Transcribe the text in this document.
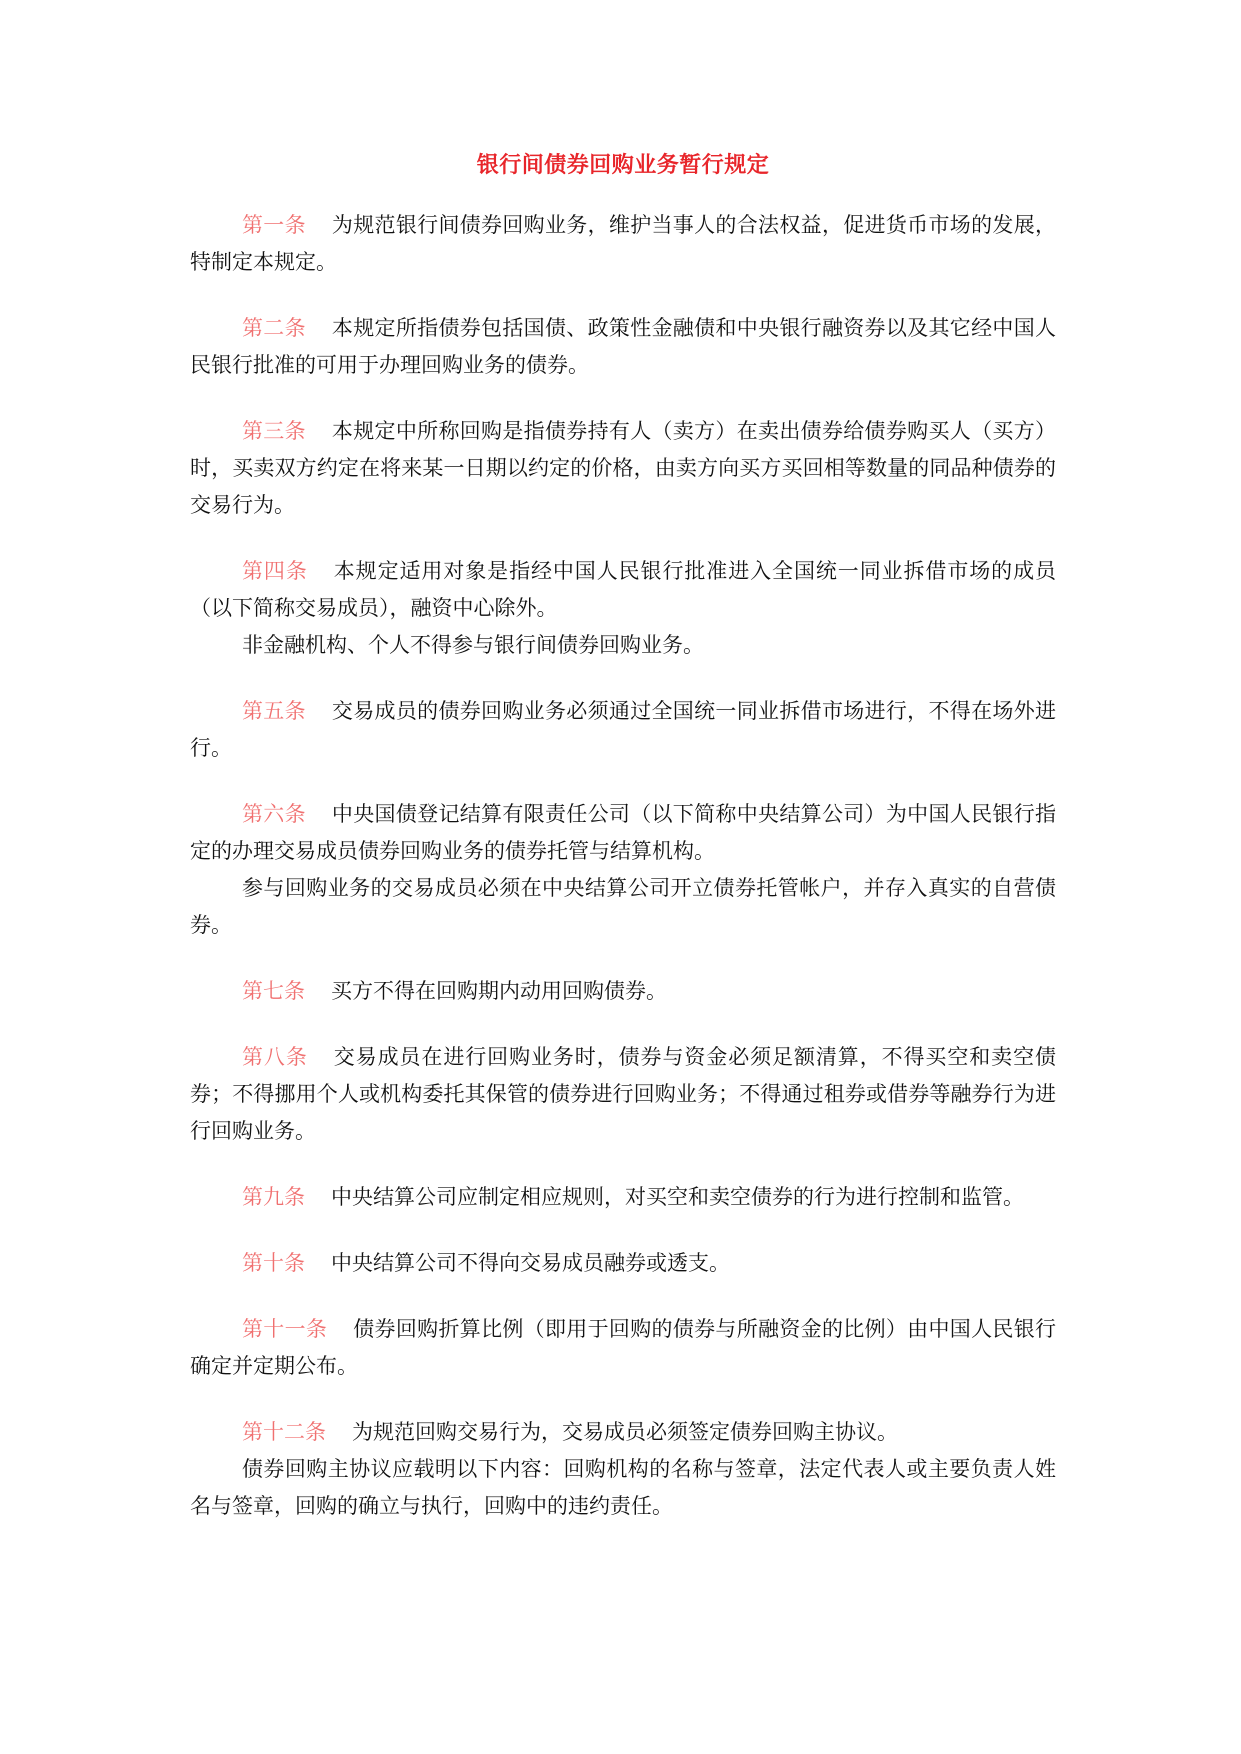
银行间债券回购业务暂行规定

第一条 为规范银行间债券回购业务，维护当事人的合法权益，促进货币市场的发展，特制定本规定。

第二条 本规定所指债券包括国债、政策性金融债和中央银行融资券以及其它经中国人民银行批准的可用于办理回购业务的债券。

第三条 本规定中所称回购是指债券持有人（卖方）在卖出债券给债券购买人（买方）时，买卖双方约定在将来某一日期以约定的价格，由卖方向买方买回相等数量的同品种债券的交易行为。

第四条 本规定适用对象是指经中国人民银行批准进入全国统一同业拆借市场的成员（以下简称交易成员），融资中心除外。

非金融机构、个人不得参与银行间债券回购业务。

第五条 交易成员的债券回购业务必须通过全国统一同业拆借市场进行，不得在场外进行。

第六条 中央国债登记结算有限责任公司（以下简称中央结算公司）为中国人民银行指定的办理交易成员债券回购业务的债券托管与结算机构。

参与回购业务的交易成员必须在中央结算公司开立债券托管帐户，并存入真实的自营债券。

第七条 买方不得在回购期内动用回购债券。

第八条 交易成员在进行回购业务时，债券与资金必须足额清算，不得买空和卖空债券；不得挪用个人或机构委托其保管的债券进行回购业务；不得通过租券或借券等融券行为进行回购业务。

第九条 中央结算公司应制定相应规则，对买空和卖空债券的行为进行控制和监管。

第十条 中央结算公司不得向交易成员融券或透支。

第十一条 债券回购折算比例（即用于回购的债券与所融资金的比例）由中国人民银行确定并定期公布。

第十二条 为规范回购交易行为，交易成员必须签定债券回购主协议。

债券回购主协议应载明以下内容：回购机构的名称与签章，法定代表人或主要负责人姓名与签章，回购的确立与执行，回购中的违约责任。
